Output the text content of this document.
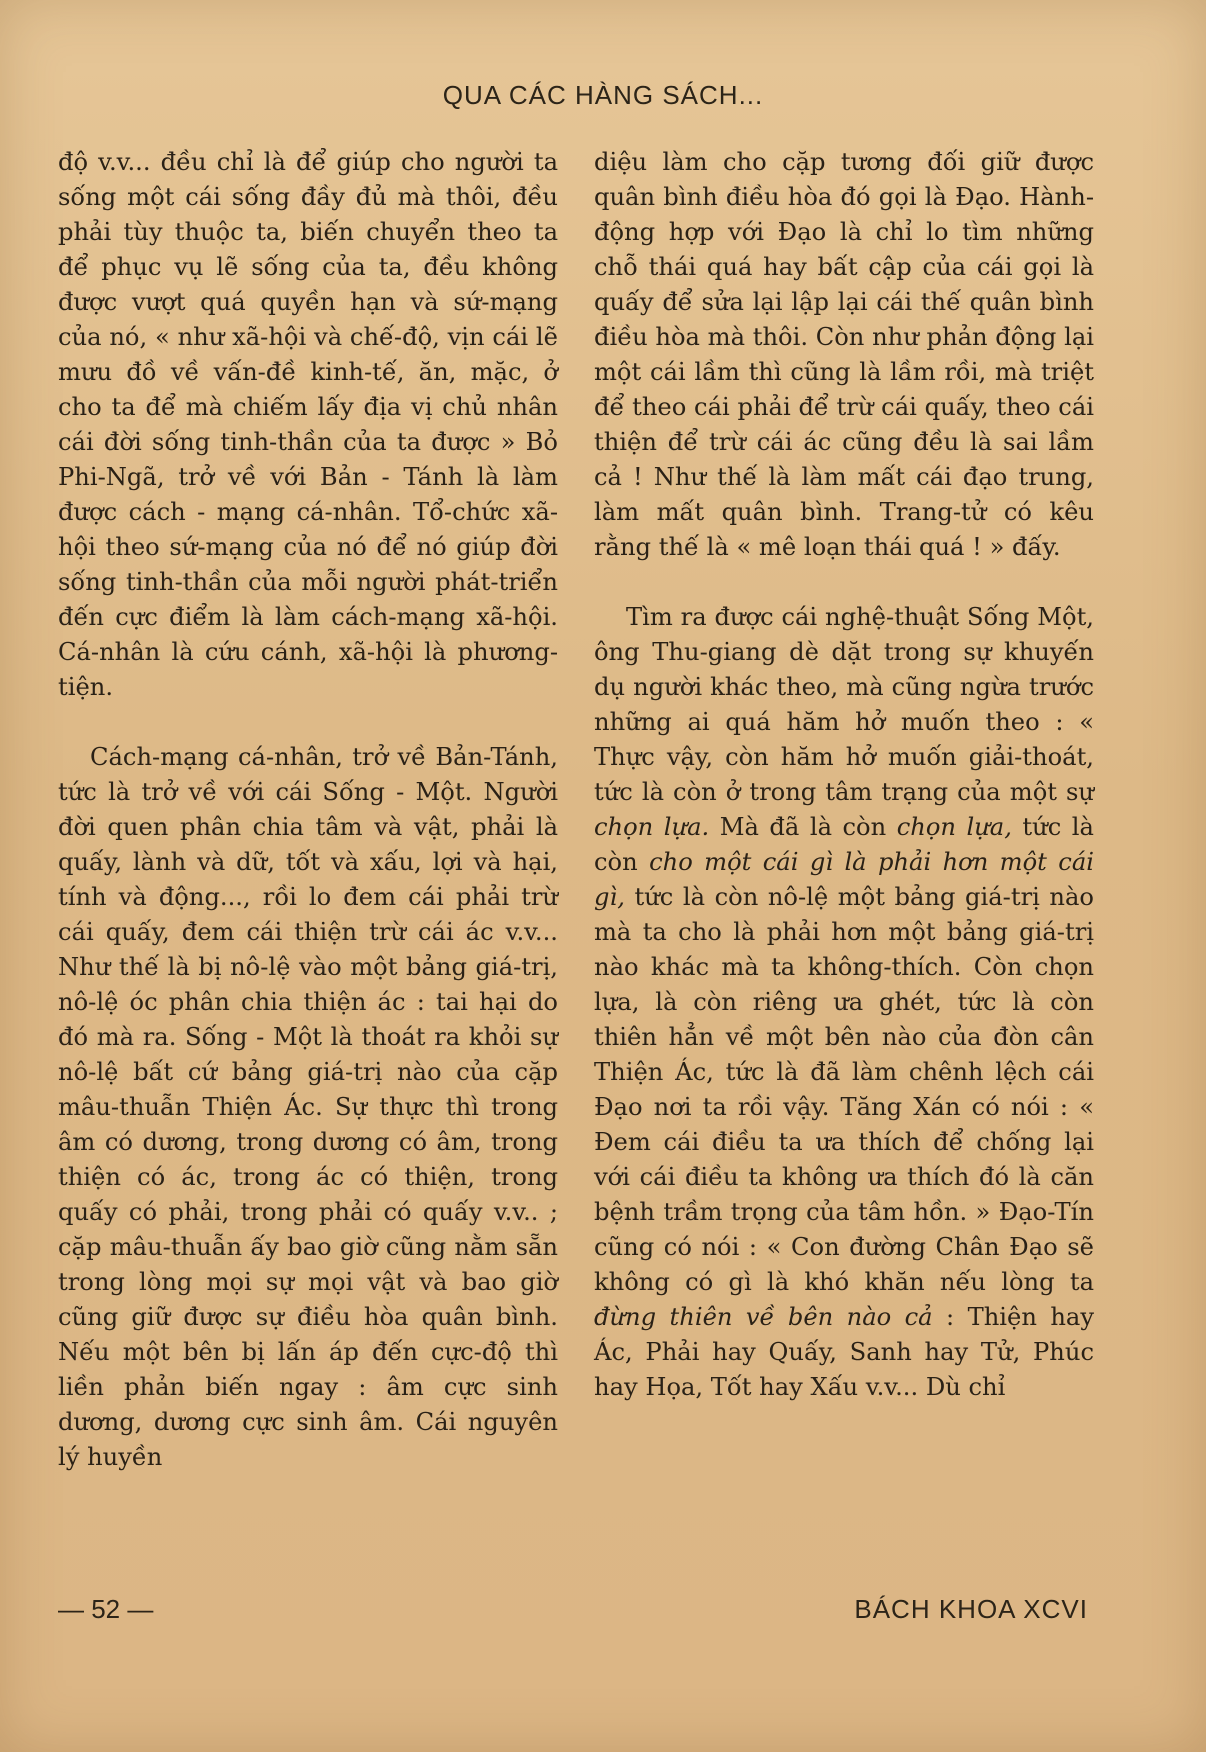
QUA CÁC HÀNG SÁCH...

độ v.v... đều chỉ là để giúp cho người ta sống một cái sống đầy đủ mà thôi, đều phải tùy thuộc ta, biến chuyển theo ta để phục vụ lẽ sống của ta, đều không được vượt quá quyền hạn và sứ-mạng của nó, « như xã-hội và chế-độ, vịn cái lẽ mưu đồ về vấn-đề kinh-tế, ăn, mặc, ở cho ta để mà chiếm lấy địa vị chủ nhân cái đời sống tinh-thần của ta được » Bỏ Phi-Ngã, trở về với Bản - Tánh là làm được cách - mạng cá-nhân. Tổ-chức xã-hội theo sứ-mạng của nó để nó giúp đời sống tinh-thần của mỗi người phát-triển đến cực điểm là làm cách-mạng xã-hội. Cá-nhân là cứu cánh, xã-hội là phương-tiện.

Cách-mạng cá-nhân, trở về Bản-Tánh, tức là trở về với cái Sống - Một. Người đời quen phân chia tâm và vật, phải là quấy, lành và dữ, tốt và xấu, lợi và hại, tính và động..., rồi lo đem cái phải trừ cái quấy, đem cái thiện trừ cái ác v.v... Như thế là bị nô-lệ vào một bảng giá-trị, nô-lệ óc phân chia thiện ác : tai hại do đó mà ra. Sống - Một là thoát ra khỏi sự nô-lệ bất cứ bảng giá-trị nào của cặp mâu-thuẫn Thiện Ác. Sự thực thì trong âm có dương, trong dương có âm, trong thiện có ác, trong ác có thiện, trong quấy có phải, trong phải có quấy v.v.. ; cặp mâu-thuẫn ấy bao giờ cũng nằm sẵn trong lòng mọi sự mọi vật và bao giờ cũng giữ được sự điều hòa quân bình. Nếu một bên bị lấn áp đến cực-độ thì liền phản biến ngay : âm cực sinh dương, dương cực sinh âm. Cái nguyên lý huyền

diệu làm cho cặp tương đối giữ được quân bình điều hòa đó gọi là Đạo. Hành-động hợp với Đạo là chỉ lo tìm những chỗ thái quá hay bất cập của cái gọi là quấy để sửa lại lập lại cái thế quân bình điều hòa mà thôi. Còn như phản động lại một cái lầm thì cũng là lầm rồi, mà triệt để theo cái phải để trừ cái quấy, theo cái thiện để trừ cái ác cũng đều là sai lầm cả ! Như thế là làm mất cái đạo trung, làm mất quân bình. Trang-tử có kêu rằng thế là « mê loạn thái quá ! » đấy.

Tìm ra được cái nghệ-thuật Sống Một, ông Thu-giang dè dặt trong sự khuyến dụ người khác theo, mà cũng ngừa trước những ai quá hăm hở muốn theo : « Thực vậy, còn hăm hở muốn giải-thoát, tức là còn ở trong tâm trạng của một sự chọn lựa. Mà đã là còn chọn lựa, tức là còn cho một cái gì là phải hơn một cái gì, tức là còn nô-lệ một bảng giá-trị nào mà ta cho là phải hơn một bảng giá-trị nào khác mà ta không-thích. Còn chọn lựa, là còn riêng ưa ghét, tức là còn thiên hẳn về một bên nào của đòn cân Thiện Ác, tức là đã làm chênh lệch cái Đạo nơi ta rồi vậy. Tăng Xán có nói : « Đem cái điều ta ưa thích để chống lại với cái điều ta không ưa thích đó là căn bệnh trầm trọng của tâm hồn. » Đạo-Tín cũng có nói : « Con đường Chân Đạo sẽ không có gì là khó khăn nếu lòng ta đừng thiên về bên nào cả : Thiện hay Ác, Phải hay Quấy, Sanh hay Tử, Phúc hay Họa, Tốt hay Xấu v.v... Dù chỉ

— 52 —	BÁCH KHOA XCVI
